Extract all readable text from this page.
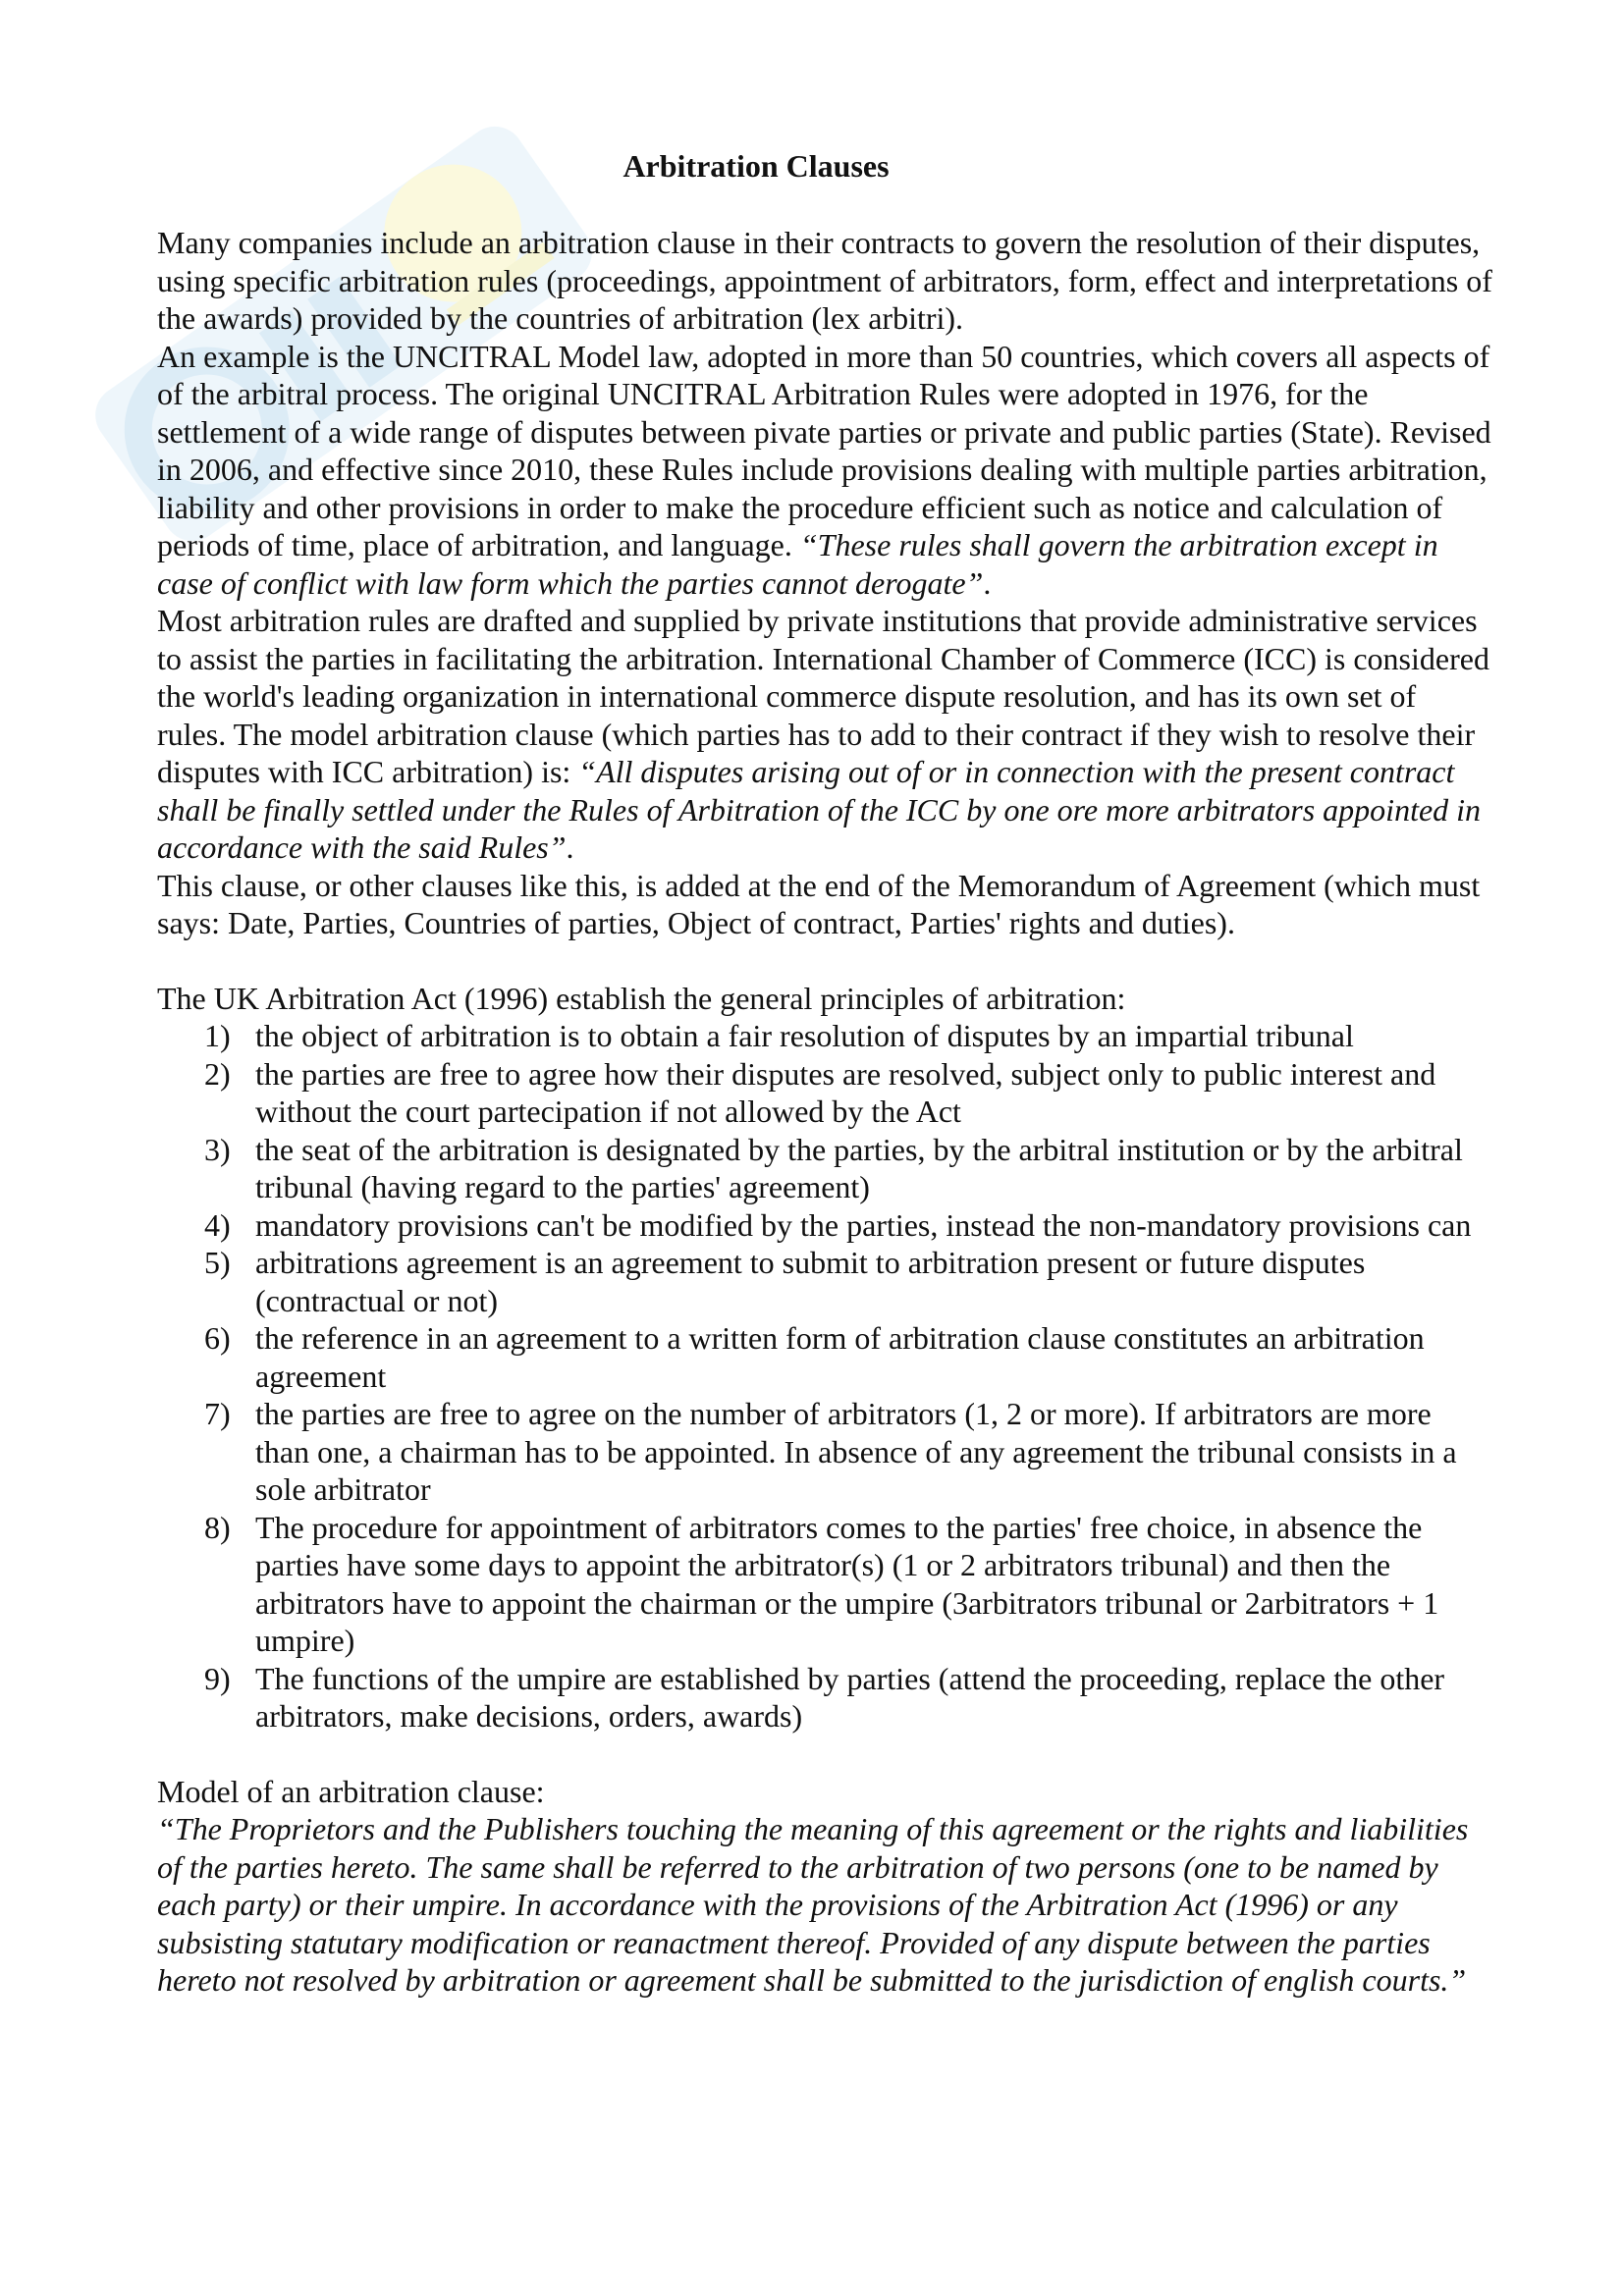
Arbitration Clauses

Many companies include an arbitration clause in their contracts to govern the resolution of their disputes, using specific arbitration rules (proceedings, appointment of arbitrators, form, effect and interpretations of the awards) provided by the countries of arbitration (lex arbitri).

An example is the UNCITRAL Model law, adopted in more than 50 countries, which covers all aspects of of the arbitral process. The original UNCITRAL Arbitration Rules were adopted in 1976, for the settlement of a wide range of disputes between pivate parties or private and public parties (State). Revised in 2006, and effective since 2010, these Rules include provisions dealing with multiple parties arbitration, liability and other provisions in order to make the procedure efficient such as notice and calculation of periods of time, place of arbitration, and language. “These rules shall govern the arbitration except in case of conflict with law form which the parties cannot derogate”.

Most arbitration rules are drafted and supplied by private institutions that provide administrative services to assist the parties in facilitating the arbitration. International Chamber of Commerce (ICC) is considered the world's leading organization in international commerce dispute resolution, and has its own set of rules. The model arbitration clause (which parties has to add to their contract if they wish to resolve their disputes with ICC arbitration) is: “All disputes arising out of or in connection with the present contract shall be finally settled under the Rules of Arbitration of the ICC by one ore more arbitrators appointed in accordance with the said Rules”.

This clause, or other clauses like this, is added at the end of the Memorandum of Agreement (which must says: Date, Parties, Countries of parties, Object of contract, Parties' rights and duties).

The UK Arbitration Act (1996) establish the general principles of arbitration:

1) the object of arbitration is to obtain a fair resolution of disputes by an impartial tribunal
2) the parties are free to agree how their disputes are resolved, subject only to public interest and without the court partecipation if not allowed by the Act
3) the seat of the arbitration is designated by the parties, by the arbitral institution or by the arbitral tribunal (having regard to the parties' agreement)
4) mandatory provisions can't be modified by the parties, instead the non-mandatory provisions can
5) arbitrations agreement is an agreement to submit to arbitration present or future disputes (contractual or not)
6) the reference in an agreement to a written form of arbitration clause constitutes an arbitration agreement
7) the parties are free to agree on the number of arbitrators (1, 2 or more). If arbitrators are more than one, a chairman has to be appointed. In absence of any agreement the tribunal consists in a sole arbitrator
8) The procedure for appointment of arbitrators comes to the parties' free choice, in absence the parties have some days to appoint the arbitrator(s) (1 or 2 arbitrators tribunal) and then the arbitrators have to appoint the chairman or the umpire (3arbitrators tribunal or 2arbitrators + 1 umpire)
9) The functions of the umpire are established by parties (attend the proceeding, replace the other arbitrators, make decisions, orders, awards)

Model of an arbitration clause:

“The Proprietors and the Publishers touching the meaning of this agreement or the rights and liabilities of the parties hereto. The same shall be referred to the arbitration of two persons (one to be named by each party) or their umpire. In accordance with the provisions of the Arbitration Act (1996) or any subsisting statutary modification or reanactment thereof. Provided of any dispute between the parties hereto not resolved by arbitration or agreement shall be submitted to the jurisdiction of english courts.”
